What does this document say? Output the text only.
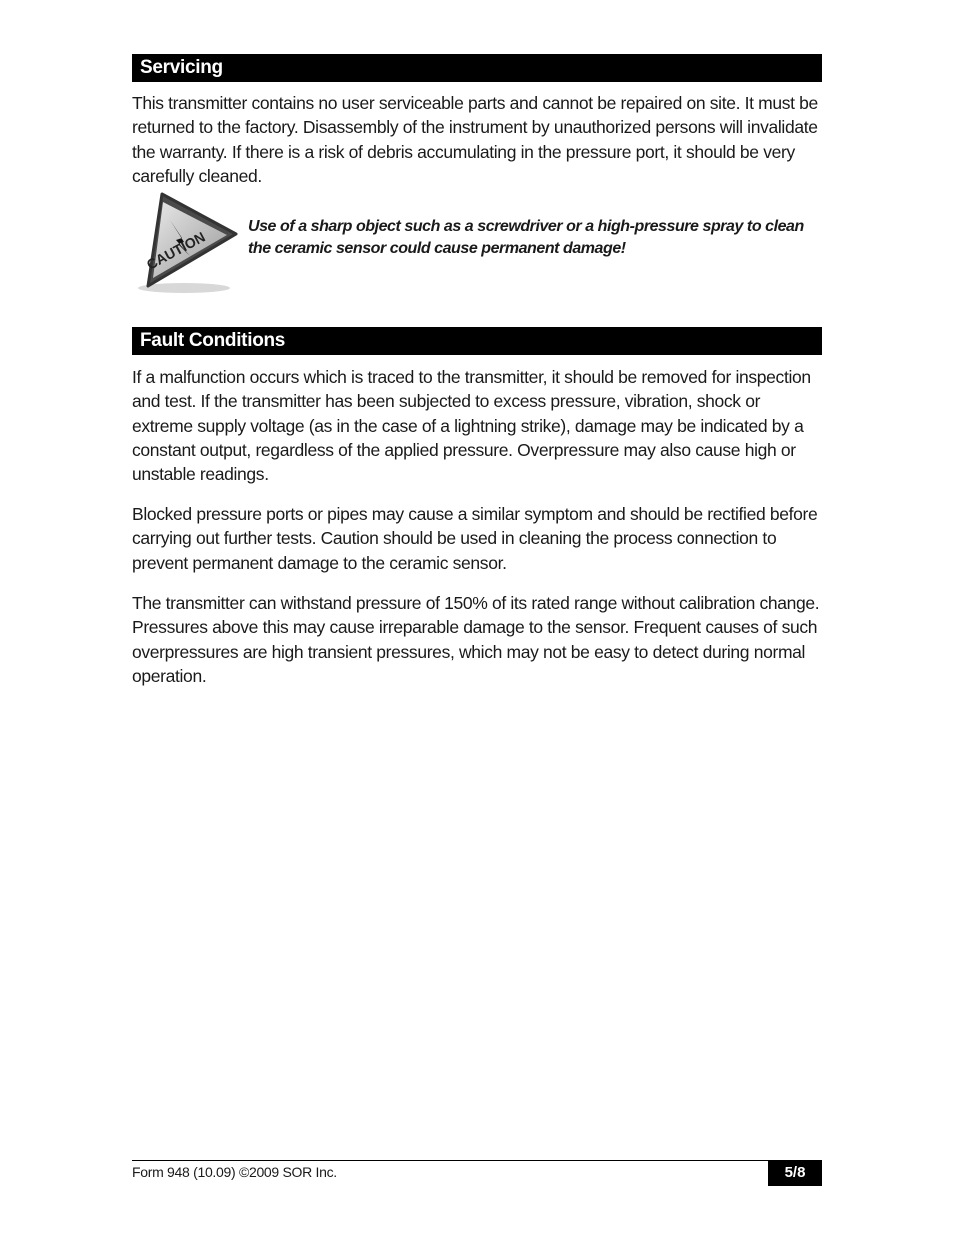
Servicing

This transmitter contains no user serviceable parts and cannot be repaired on site. It must be returned to the factory. Disassembly of the instrument by unauthorized persons will invalidate the warranty. If there is a risk of debris accumulating in the pressure port, it should be very carefully cleaned.

CAUTION

Use of a sharp object such as a screwdriver or a high-pressure spray to clean the ceramic sensor could cause permanent damage!

Fault Conditions

If a malfunction occurs which is traced to the transmitter, it should be removed for inspection and test. If the transmitter has been subjected to excess pressure, vibration, shock or extreme supply voltage (as in the case of a lightning strike), damage may be indicated by a constant output, regardless of the applied pressure. Overpressure may also cause high or unstable readings.

Blocked pressure ports or pipes may cause a similar symptom and should be rectified before carrying out further tests. Caution should be used in cleaning the process connection to prevent permanent damage to the ceramic sensor.

The transmitter can withstand pressure of 150% of its rated range without calibration change. Pressures above this may cause irreparable damage to the sensor. Frequent causes of such overpressures are high transient pressures, which may not be easy to detect during normal operation.

Form 948 (10.09) ©2009 SOR Inc.	5/8
